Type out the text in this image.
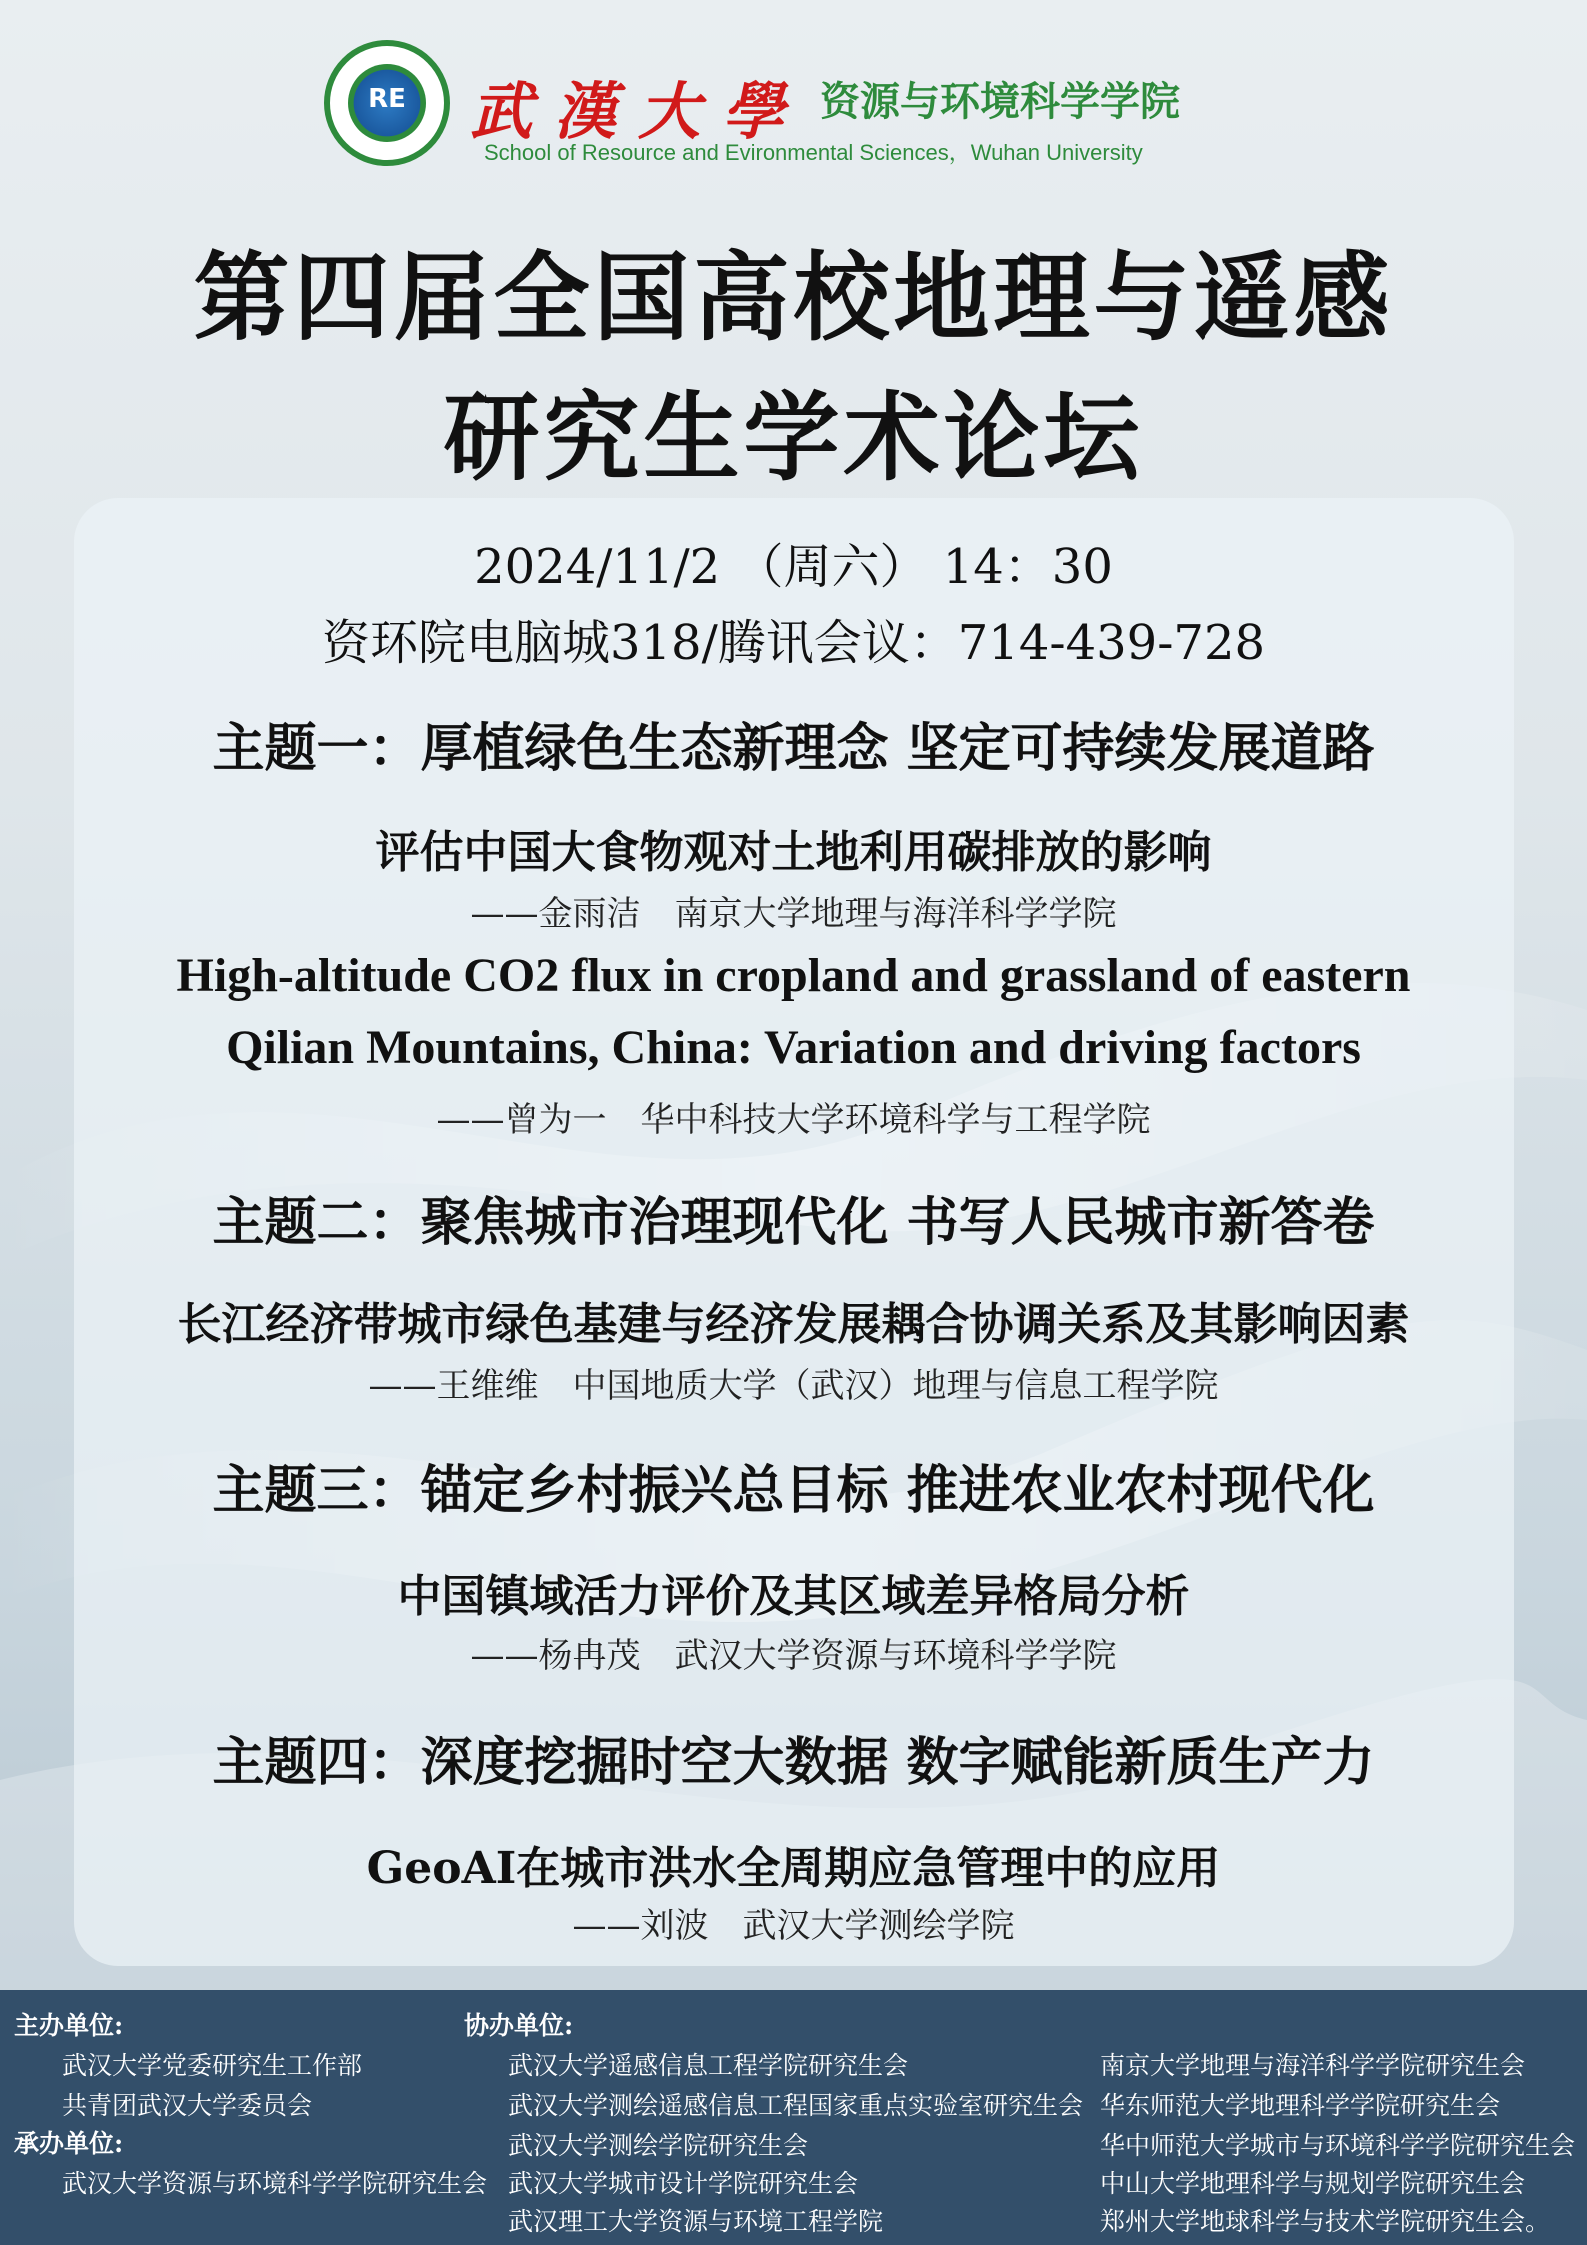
RE	武漢大學 资源与环境科学学院
School of Resource and Evironmental Sciences，Wuhan University
第四届全国高校地理与遥感
研究生学术论坛
2024/11/2 （周六） 14：30
资环院电脑城318/腾讯会议：714-439-728
主题一：厚植绿色生态新理念 坚定可持续发展道路
评估中国大食物观对土地利用碳排放的影响
——金雨洁　南京大学地理与海洋科学学院
High-altitude CO2 flux in cropland and grassland of eastern
Qilian Mountains, China: Variation and driving factors
——曾为一　华中科技大学环境科学与工程学院
主题二：聚焦城市治理现代化 书写人民城市新答卷
长江经济带城市绿色基建与经济发展耦合协调关系及其影响因素
——王维维　中国地质大学（武汉）地理与信息工程学院
主题三：锚定乡村振兴总目标 推进农业农村现代化
中国镇域活力评价及其区域差异格局分析
——杨冉茂　武汉大学资源与环境科学学院
主题四：深度挖掘时空大数据 数字赋能新质生产力
GeoAI在城市洪水全周期应急管理中的应用
——刘波　武汉大学测绘学院
主办单位:
武汉大学党委研究生工作部
共青团武汉大学委员会
承办单位:
武汉大学资源与环境科学学院研究生会
协办单位:
武汉大学遥感信息工程学院研究生会
武汉大学测绘遥感信息工程国家重点实验室研究生会
武汉大学测绘学院研究生会
武汉大学城市设计学院研究生会
武汉理工大学资源与环境工程学院
南京大学地理与海洋科学学院研究生会
华东师范大学地理科学学院研究生会
华中师范大学城市与环境科学学院研究生会
中山大学地理科学与规划学院研究生会
郑州大学地球科学与技术学院研究生会。
